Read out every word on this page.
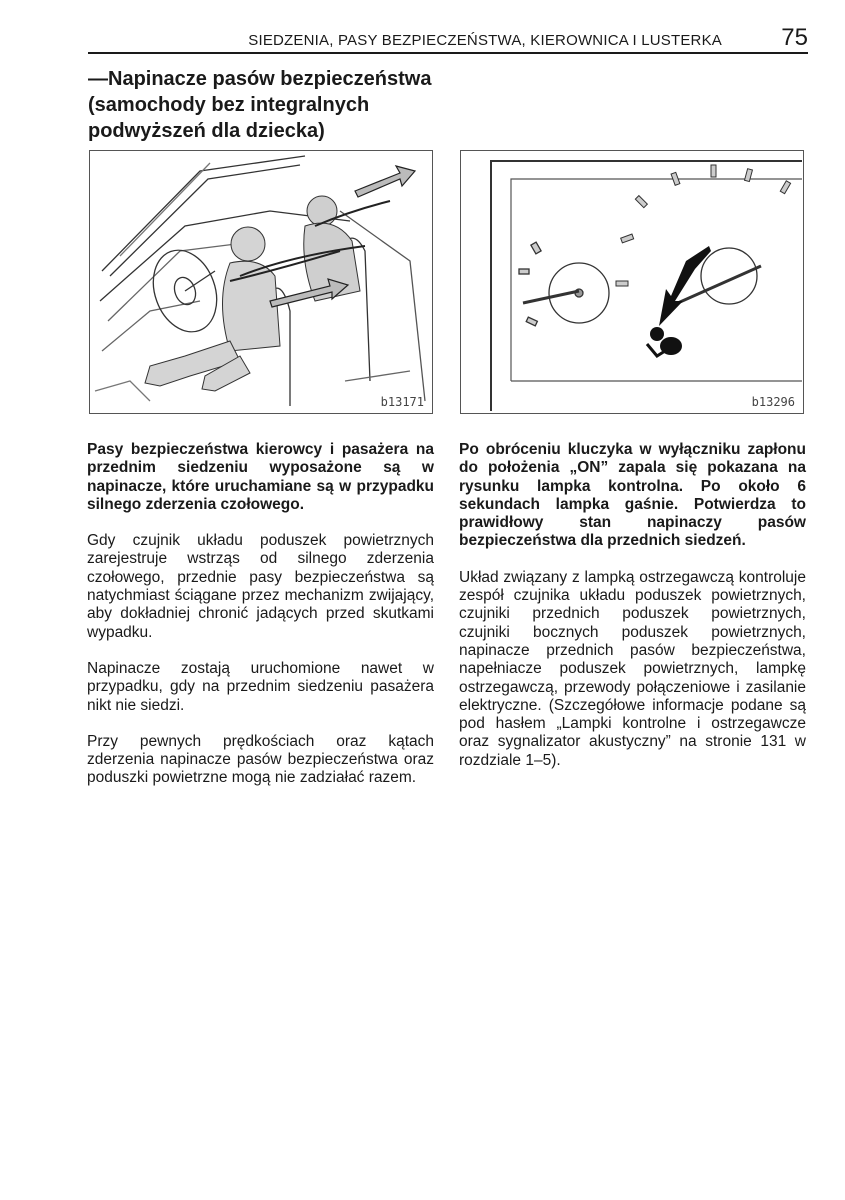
SIEDZENIA, PASY BEZPIECZEŃSTWA, KIEROWNICA I LUSTERKA 75
—Napinacze pasów bezpieczeństwa
(samochody bez integralnych
podwyższeń dla dziecka)
b13171	b13296

Pasy bezpieczeństwa kierowcy i pasażera na przednim siedzeniu wyposażone są w napinacze, które uruchamiane są w przypadku silnego zderzenia czołowego.

Gdy czujnik układu poduszek powietrznych zarejestruje wstrząs od silnego zderzenia czołowego, przednie pasy bezpieczeństwa są natychmiast ściągane przez mechanizm zwijający, aby dokładniej chronić jadących przed skutkami wypadku.

Napinacze zostają uruchomione nawet w przypadku, gdy na przednim siedzeniu pasażera nikt nie siedzi.

Przy pewnych prędkościach oraz kątach zderzenia napinacze pasów bezpieczeństwa oraz poduszki powietrzne mogą nie zadziałać razem.

Po obróceniu kluczyka w wyłączniku zapłonu do położenia „ON” zapala się pokazana na rysunku lampka kontrolna. Po około 6 sekundach lampka gaśnie. Potwierdza to prawidłowy stan napinaczy pasów bezpieczeństwa dla przednich siedzeń.

Układ związany z lampką ostrzegawczą kontroluje zespół czujnika układu poduszek powietrznych, czujniki przednich poduszek powietrznych, czujniki bocznych poduszek powietrznych, napinacze przednich pasów bezpieczeństwa, napełniacze poduszek powietrznych, lampkę ostrzegawczą, przewody połączeniowe i zasilanie elektryczne. (Szczegółowe informacje podane są pod hasłem „Lampki kontrolne i ostrzegawcze oraz sygnalizator akustyczny” na stronie 131 w rozdziale 1–5).
